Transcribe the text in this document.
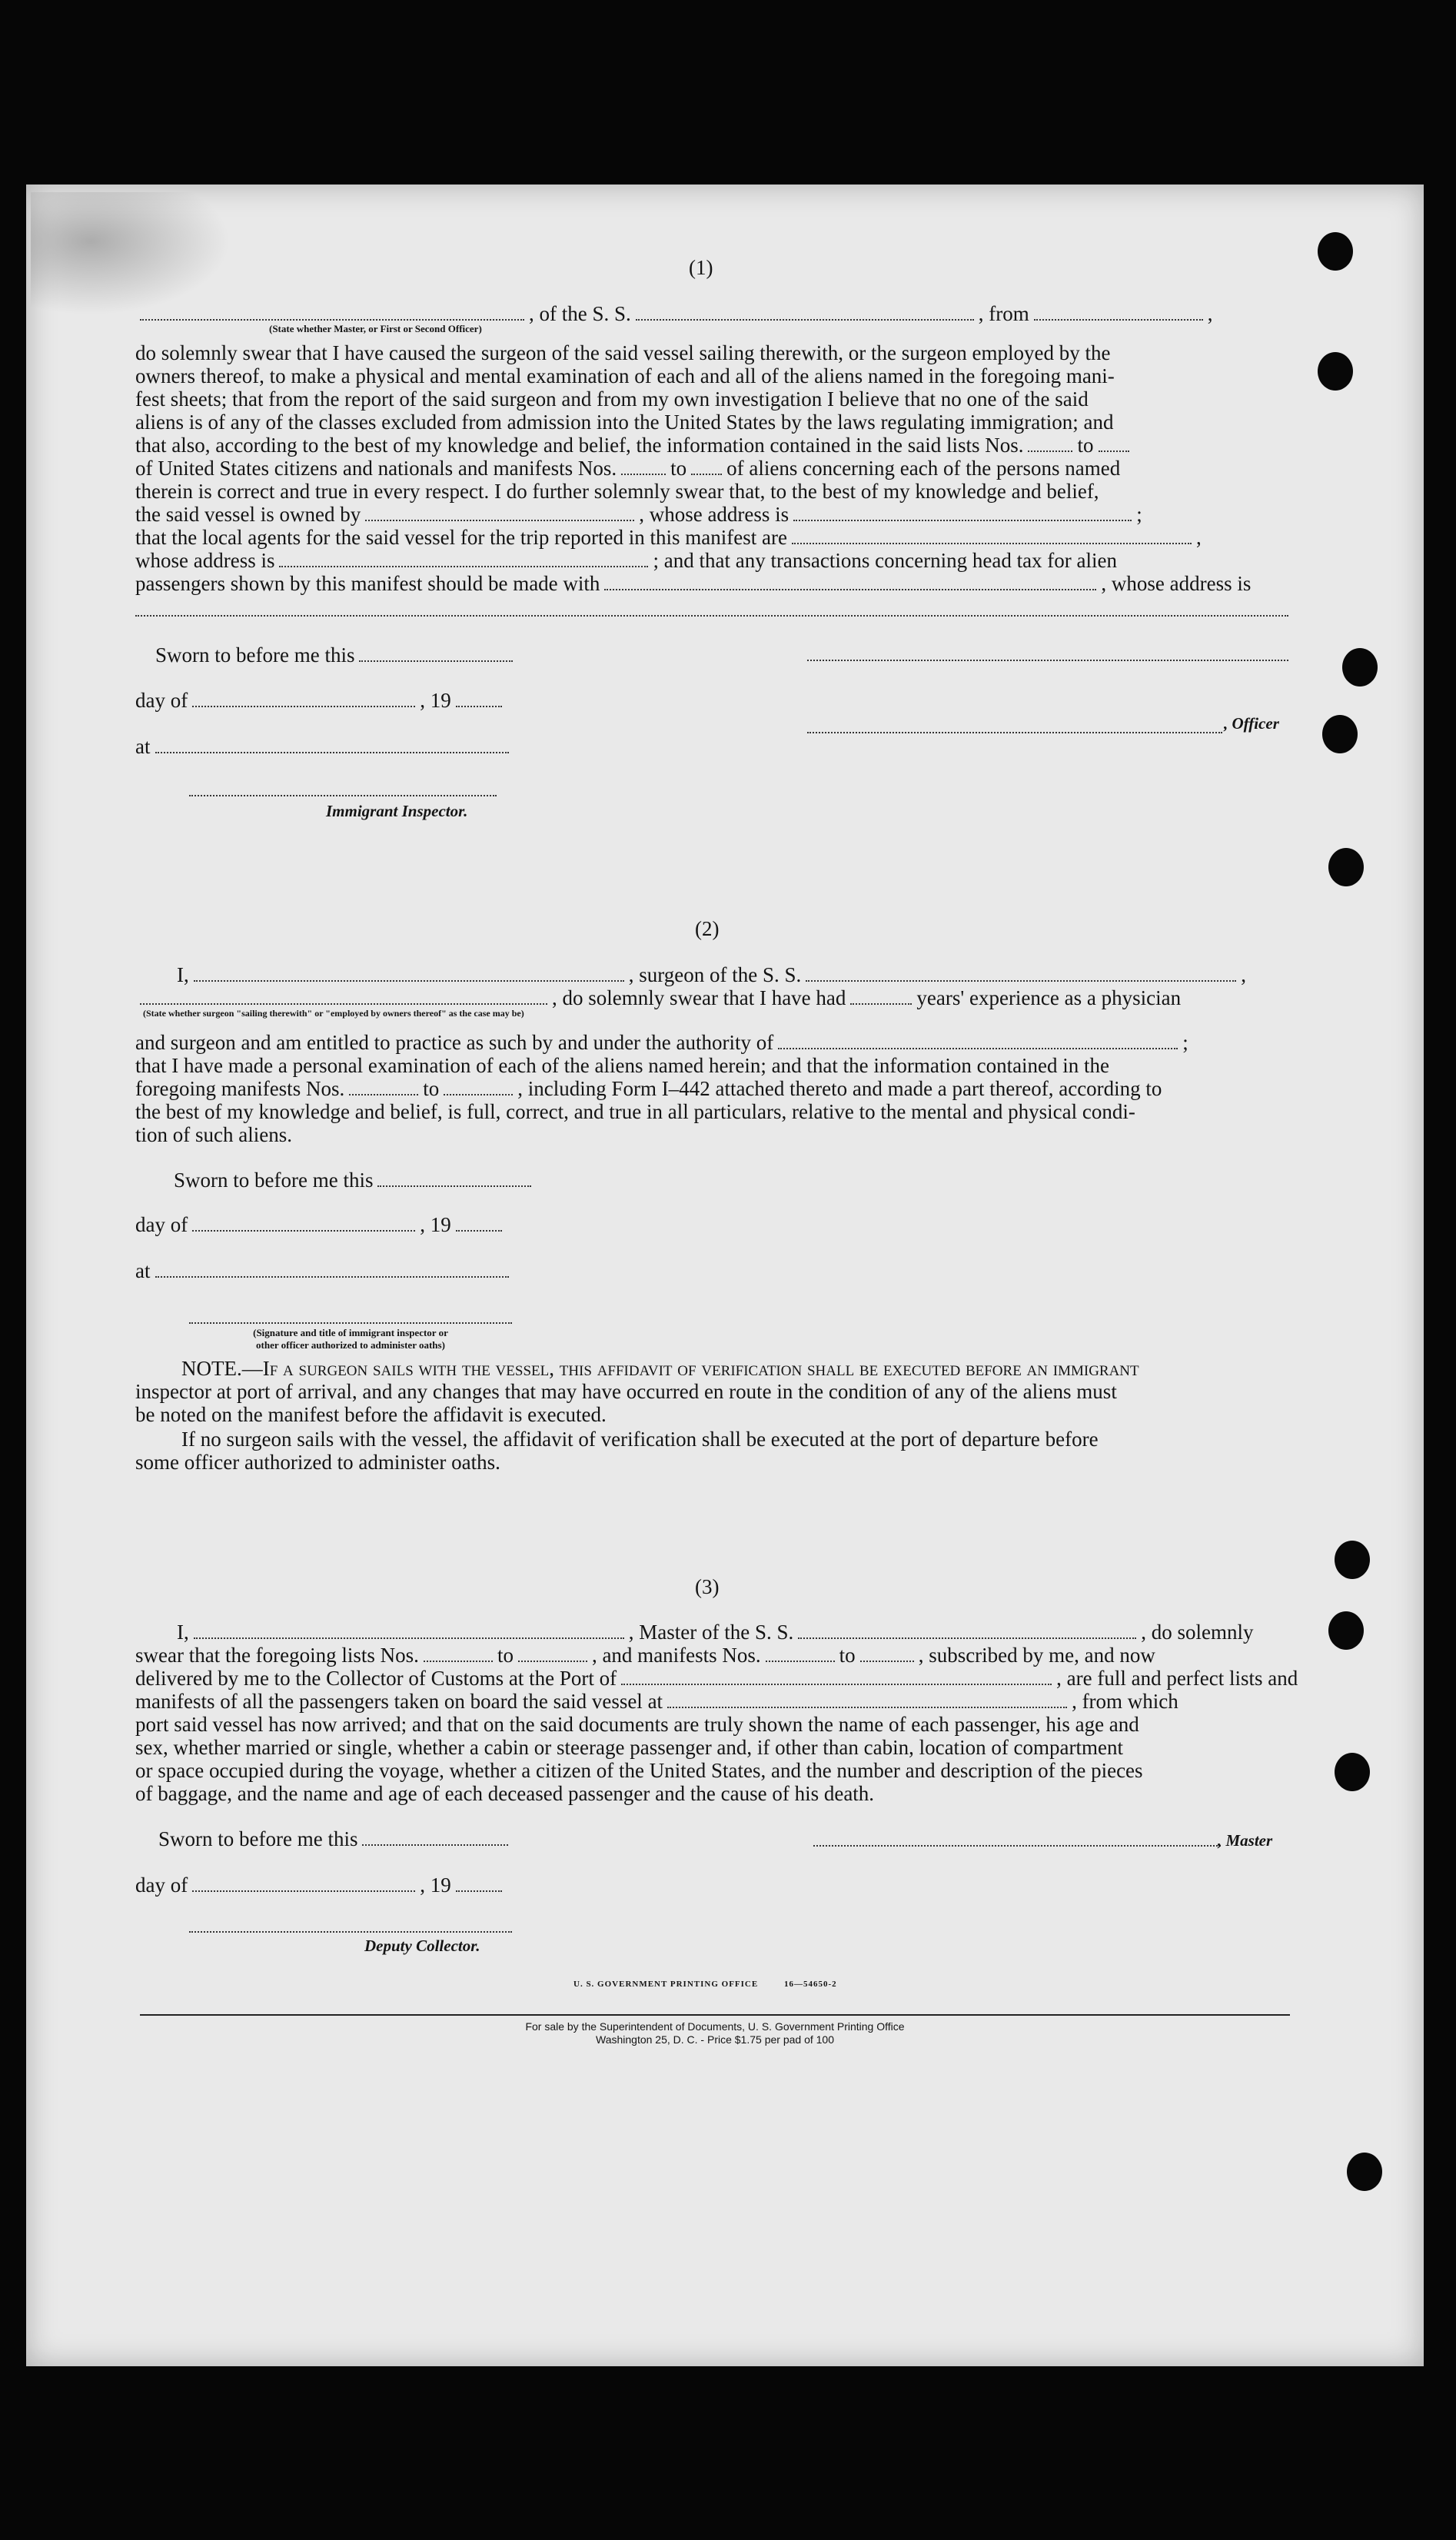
(1)
, of the S. S.	, from	,
(State whether Master, or First or Second Officer)
do solemnly swear that I have caused the surgeon of the said vessel sailing therewith, or the surgeon employed by the
owners thereof, to make a physical and mental examination of each and all of the aliens named in the foregoing mani-
fest sheets; that from the report of the said surgeon and from my own investigation I believe that no one of the said
aliens is of any of the classes excluded from admission into the United States by the laws regulating immigration; and
that also, according to the best of my knowledge and belief, the information contained in the said lists Nos.	to
of United States citizens and nationals and manifests Nos.	to of aliens concerning each of the persons named
therein is correct and true in every respect. I do further solemnly swear that, to the best of my knowledge and belief,
the said vessel is owned by	, whose address is	;
that the local agents for the said vessel for the trip reported in this manifest are	,
whose address is	; and that any transactions concerning head tax for alien
passengers shown by this manifest should be made with	, whose address is
Sworn to before me this
day of	, 19
, Officer
at
Immigrant Inspector.
(2)
I,	, surgeon of the S. S.	,
, do solemnly swear that I have had	years' experience as a physician
(State whether surgeon "sailing therewith" or "employed by owners thereof" as the case may be)
and surgeon and am entitled to practice as such by and under the authority of	;
that I have made a personal examination of each of the aliens named herein; and that the information contained in the
foregoing manifests Nos.	to	, including Form I–442 attached thereto and made a part thereof, according to
the best of my knowledge and belief, is full, correct, and true in all particulars, relative to the mental and physical condi-
tion of such aliens.
Sworn to before me this
day of	, 19
at
(Signature and title of immigrant inspector or
other officer authorized to administer oaths)
NOTE.—If a surgeon sails with the vessel, this affidavit of verification shall be executed before an immigrant
inspector at port of arrival, and any changes that may have occurred en route in the condition of any of the aliens must
be noted on the manifest before the affidavit is executed.
If no surgeon sails with the vessel, the affidavit of verification shall be executed at the port of departure before
some officer authorized to administer oaths.
(3)
I,	, Master of the S. S.	, do solemnly
swear that the foregoing lists Nos.	to	, and manifests Nos.	to	, subscribed by me, and now
delivered by me to the Collector of Customs at the Port of	, are full and perfect lists and
manifests of all the passengers taken on board the said vessel at	, from which
port said vessel has now arrived; and that on the said documents are truly shown the name of each passenger, his age and
sex, whether married or single, whether a cabin or steerage passenger and, if other than cabin, location of compartment
or space occupied during the voyage, whether a citizen of the United States, and the number and description of the pieces
of baggage, and the name and age of each deceased passenger and the cause of his death.
Sworn to before me this	, Master
day of	, 19
Deputy Collector.
U. S. GOVERNMENT PRINTING OFFICE	16—54650-2
For sale by the Superintendent of Documents, U. S. Government Printing Office
Washington 25, D. C. - Price $1.75 per pad of 100
